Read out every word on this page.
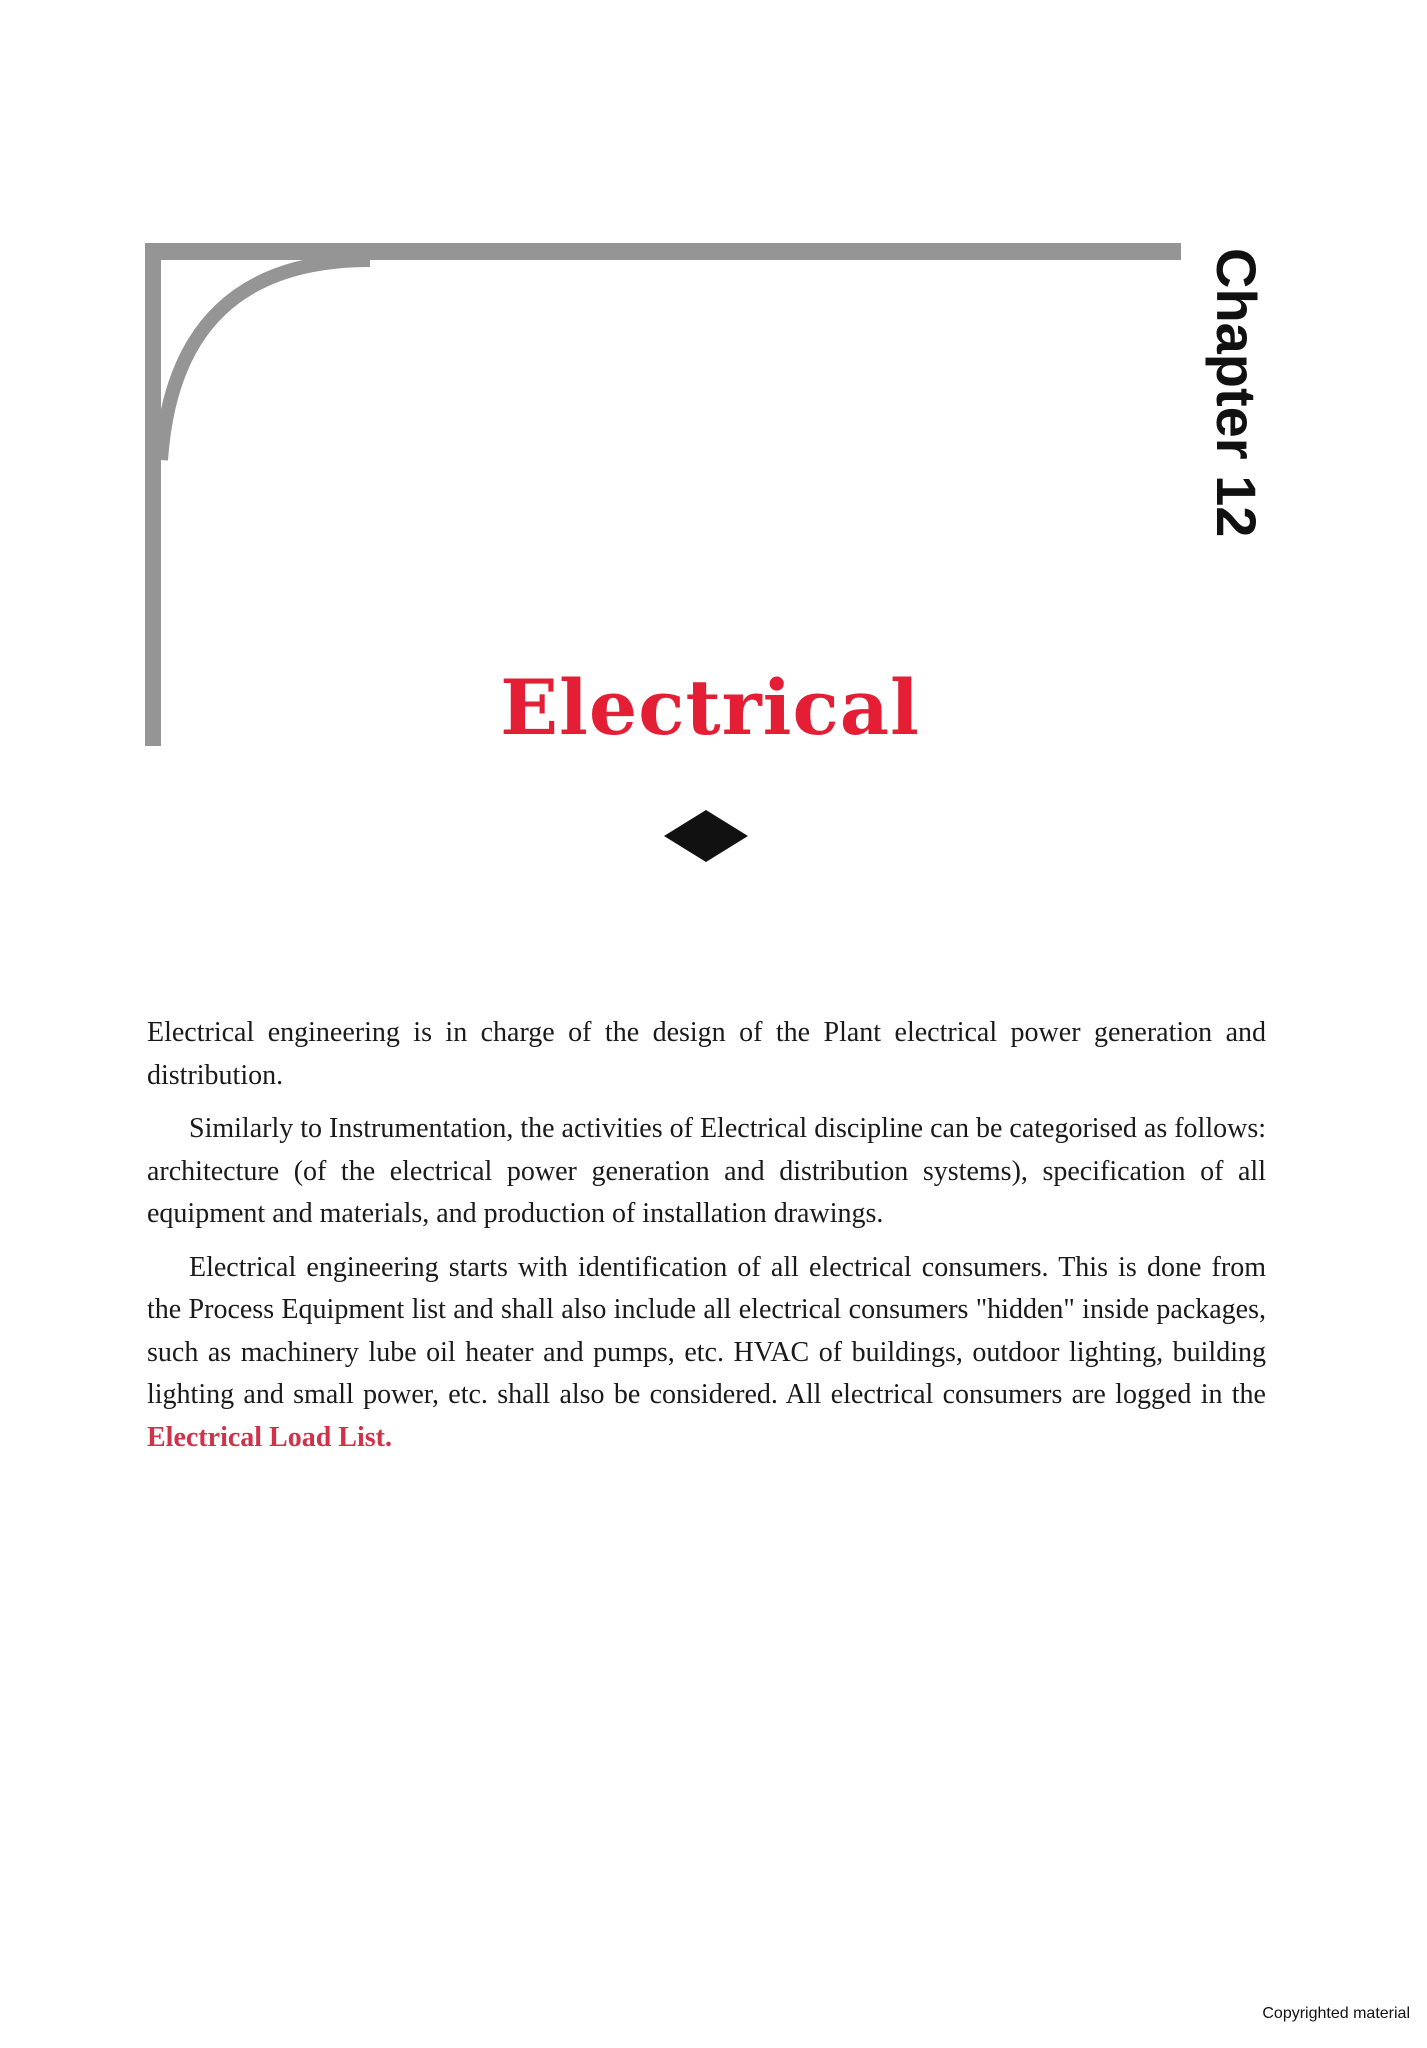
Chapter 12
Electrical

Electrical engineering is in charge of the design of the Plant electrical power generation and distribution.

Similarly to Instrumentation, the activities of Electrical discipline can be categorised as follows: architecture (of the electrical power generation and distribution systems), specification of all equipment and materials, and production of installation drawings.

Electrical engineering starts with identification of all electrical consumers. This is done from the Process Equipment list and shall also include all electrical consumers "hidden" inside packages, such as machinery lube oil heater and pumps, etc. HVAC of buildings, outdoor lighting, building lighting and small power, etc. shall also be considered. All electrical consumers are logged in the Electrical Load List.

Copyrighted material
